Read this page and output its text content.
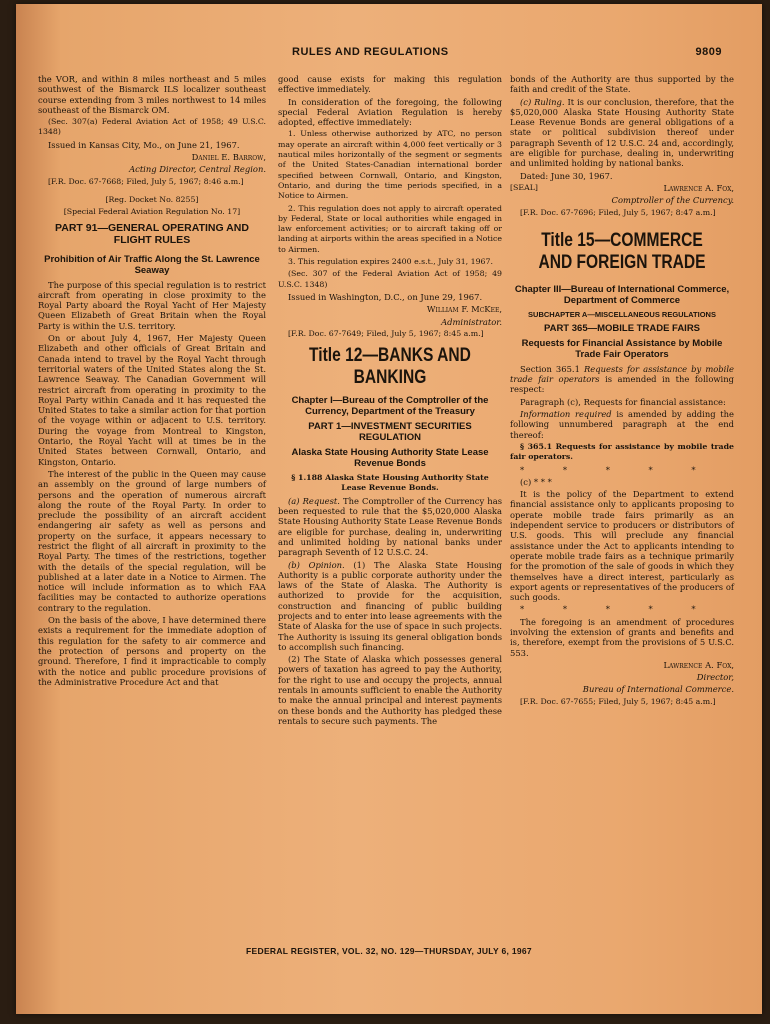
RULES AND REGULATIONS	9809

the VOR, and within 8 miles northeast and 5 miles southwest of the Bismarck ILS localizer southeast course extending from 3 miles northwest to 14 miles southeast of the Bismarck OM.

(Sec. 307(a) Federal Aviation Act of 1958; 49 U.S.C. 1348)

Issued in Kansas City, Mo., on June 21, 1967.

Daniel E. Barrow,

Acting Director, Central Region.

[F.R. Doc. 67-7668; Filed, July 5, 1967; 8:46 a.m.]

[Reg. Docket No. 8255]

[Special Federal Aviation Regulation No. 17]

PART 91—GENERAL OPERATING AND FLIGHT RULES
Prohibition of Air Traffic Along the St. Lawrence Seaway

The purpose of this special regulation is to restrict aircraft from operating in close proximity to the Royal Party aboard the Royal Yacht of Her Majesty Queen Elizabeth of Great Britain when the Royal Party is within the U.S. territory.

On or about July 4, 1967, Her Majesty Queen Elizabeth and other officials of Great Britain and Canada intend to travel by the Royal Yacht through territorial waters of the United States along the St. Lawrence Seaway. The Canadian Government will restrict aircraft from operating in proximity to the Royal Party within Canada and it has requested the United States to take a similar action for that portion of the voyage within or adjacent to U.S. territory. During the voyage from Montreal to Kingston, Ontario, the Royal Yacht will at times be in the United States between Cornwall, Ontario, and Kingston, Ontario.

The interest of the public in the Queen may cause an assembly on the ground of large numbers of persons and the operation of numerous aircraft along the route of the Royal Party. In order to preclude the possibility of an aircraft accident endangering air safety as well as persons and property on the surface, it appears necessary to restrict the flight of all aircraft in proximity to the Royal Party. The times of the restrictions, together with the details of the special regulation, will be published at a later date in a Notice to Airmen. The notice will include information as to which FAA facilities may be contacted to authorize operations contrary to the regulation.

On the basis of the above, I have determined there exists a requirement for the immediate adoption of this regulation for the safety to air commerce and the protection of persons and property on the ground. Therefore, I find it impracticable to comply with the notice and public procedure provisions of the Administrative Procedure Act and that

good cause exists for making this regulation effective immediately.

In consideration of the foregoing, the following special Federal Aviation Regulation is hereby adopted, effective immediately:

1. Unless otherwise authorized by ATC, no person may operate an aircraft within 4,000 feet vertically or 3 nautical miles horizontally of the segment or segments of the United States-Canadian international border specified between Cornwall, Ontario, and Kingston, Ontario, and during the time periods specified, in a Notice to Airmen.

2. This regulation does not apply to aircraft operated by Federal, State or local authorities while engaged in law enforcement activities; or to aircraft taking off or landing at airports within the areas specified in a Notice to Airmen.

3. This regulation expires 2400 e.s.t., July 31, 1967.

(Sec. 307 of the Federal Aviation Act of 1958; 49 U.S.C. 1348)

Issued in Washington, D.C., on June 29, 1967.

William F. McKee,

Administrator.

[F.R. Doc. 67-7649; Filed, July 5, 1967; 8:45 a.m.]

Title 12—BANKS AND BANKING
Chapter I—Bureau of the Comptroller of the Currency, Department of the Treasury
PART 1—INVESTMENT SECURITIES REGULATION
Alaska State Housing Authority State Lease Revenue Bonds

§ 1.188 Alaska State Housing Authority State Lease Revenue Bonds.

(a) Request. The Comptroller of the Currency has been requested to rule that the $5,020,000 Alaska State Housing Authority State Lease Revenue Bonds are eligible for purchase, dealing in, underwriting and unlimited holding by national banks under paragraph Seventh of 12 U.S.C. 24.

(b) Opinion. (1) The Alaska State Housing Authority is a public corporate authority under the laws of the State of Alaska. The Authority is authorized to provide for the acquisition, construction and financing of public building projects and to enter into lease agreements with the State of Alaska for the use of space in such projects. The Authority is issuing its general obligation bonds to accomplish such financing.

(2) The State of Alaska which possesses general powers of taxation has agreed to pay the Authority, for the right to use and occupy the projects, annual rentals in amounts sufficient to enable the Authority to make the annual principal and interest payments on these bonds and the Authority has pledged these rentals to secure such payments. The

bonds of the Authority are thus supported by the faith and credit of the State.

(c) Ruling. It is our conclusion, therefore, that the $5,020,000 Alaska State Housing Authority State Lease Revenue Bonds are general obligations of a state or political subdivision thereof under paragraph Seventh of 12 U.S.C. 24 and, accordingly, are eligible for purchase, dealing in, underwriting and unlimited holding by national banks.

Dated: June 30, 1967.

[SEAL]	Lawrence A. Fox,

Comptroller of the Currency.

[F.R. Doc. 67-7696; Filed, July 5, 1967; 8:47 a.m.]

Title 15—COMMERCE AND FOREIGN TRADE
Chapter III—Bureau of International Commerce, Department of Commerce
SUBCHAPTER A—MISCELLANEOUS REGULATIONS
PART 365—MOBILE TRADE FAIRS
Requests for Financial Assistance by Mobile Trade Fair Operators

Section 365.1 Requests for assistance by mobile trade fair operators is amended in the following respect:

Paragraph (c), Requests for financial assistance:

Information required is amended by adding the following unnumbered paragraph at the end thereof:

§ 365.1 Requests for assistance by mobile trade fair operators.

* * * * *

(c) * * *

It is the policy of the Department to extend financial assistance only to applicants proposing to operate mobile trade fairs primarily as an independent service to producers or distributors of U.S. goods. This will preclude any financial assistance under the Act to applicants intending to operate mobile trade fairs as a technique primarily for the promotion of the sale of goods in which they themselves have a direct interest, particularly as export agents or representatives of the producers of such goods.

* * * * *

The foregoing is an amendment of procedures involving the extension of grants and benefits and is, therefore, exempt from the provisions of 5 U.S.C. 553.

Lawrence A. Fox,

Director,

Bureau of International Commerce.

[F.R. Doc. 67-7655; Filed, July 5, 1967; 8:45 a.m.]

FEDERAL REGISTER, VOL. 32, NO. 129—THURSDAY, JULY 6, 1967
